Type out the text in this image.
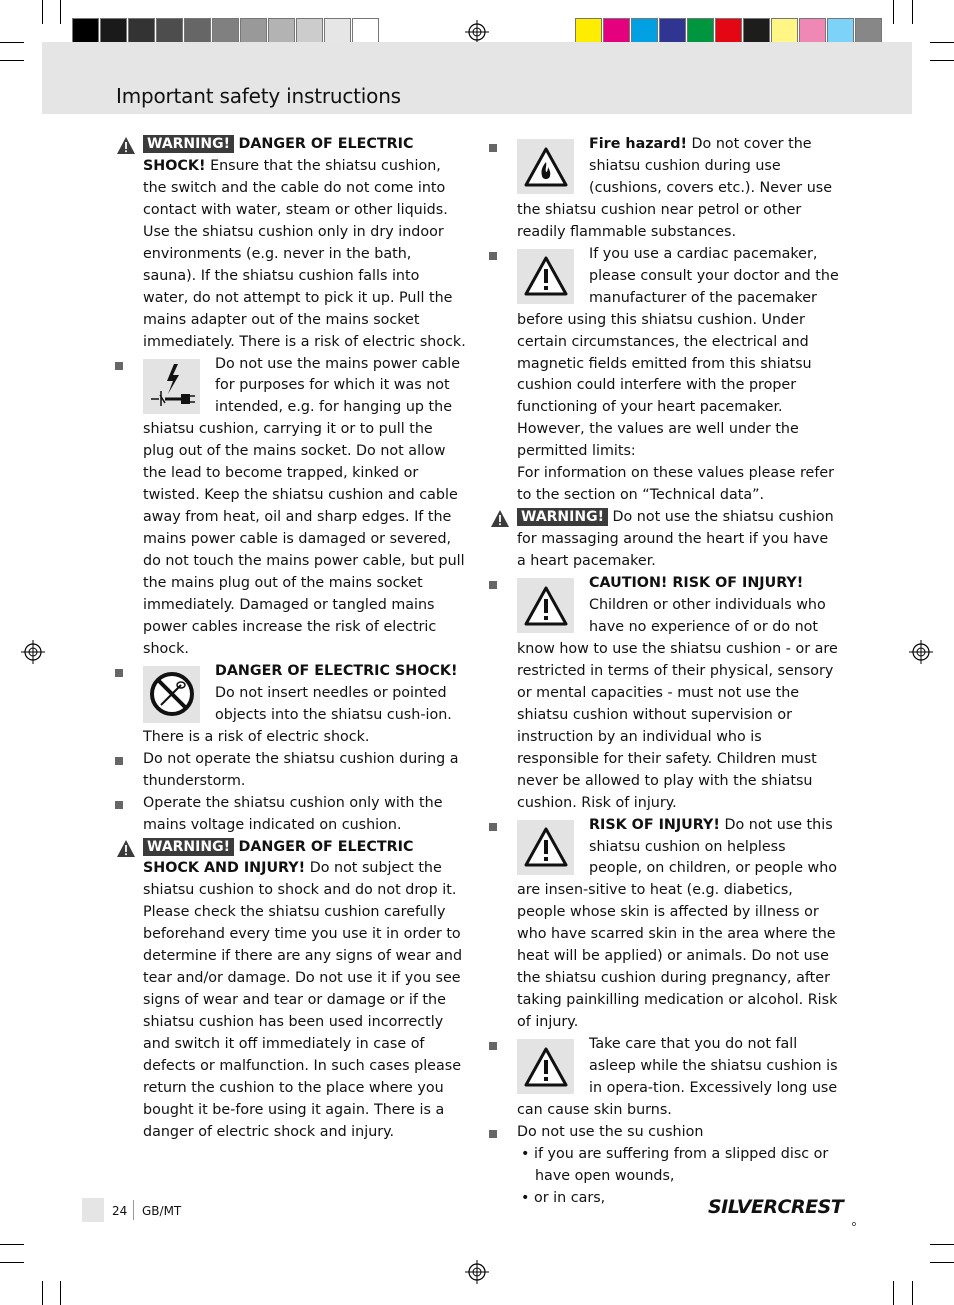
Important safety instructions

WARNING! DANGER OF ELECTRIC SHOCK! Ensure that the shiatsu cushion, the switch and the cable do not come into contact with water, steam or other liquids. Use the shiatsu cushion only in dry indoor environments (e.g. never in the bath, sauna). If the shiatsu cushion falls into water, do not attempt to pick it up. Pull the mains adapter out of the mains socket immediately. There is a risk of electric shock.

Do not use the mains power cable for purposes for which it was not intended, e.g. for hanging up the shiatsu cushion, carrying it or to pull the plug out of the mains socket. Do not allow the lead to become trapped, kinked or twisted. Keep the shiatsu cushion and cable away from heat, oil and sharp edges. If the mains power cable is damaged or severed, do not touch the mains power cable, but pull the mains plug out of the mains socket immediately. Damaged or tangled mains power cables increase the risk of electric shock.

DANGER OF ELECTRIC SHOCK! Do not insert needles or pointed objects into the shiatsu cush-ion. There is a risk of electric shock.

Do not operate the shiatsu cushion during a thunderstorm.

Operate the shiatsu cushion only with the mains voltage indicated on cushion.

WARNING! DANGER OF ELECTRIC SHOCK AND INJURY! Do not subject the shiatsu cushion to shock and do not drop it. Please check the shiatsu cushion carefully beforehand every time you use it in order to determine if there are any signs of wear and tear and/or damage. Do not use it if you see signs of wear and tear or damage or if the shiatsu cushion has been used incorrectly and switch it off immediately in case of defects or malfunction. In such cases please return the cushion to the place where you bought it be-fore using it again. There is a danger of electric shock and injury.

Fire hazard! Do not cover the shiatsu cushion during use (cushions, covers etc.). Never use the shiatsu cushion near petrol or other readily flammable substances.

If you use a cardiac pacemaker, please consult your doctor and the manufacturer of the pacemaker before using this shiatsu cushion. Under certain circumstances, the electrical and magnetic fields emitted from this shiatsu cushion could interfere with the proper functioning of your heart pacemaker. However, the values are well under the permitted limits:

For information on these values please refer to the section on “Technical data”.

WARNING! Do not use the shiatsu cushion for massaging around the heart if you have a heart pacemaker.

CAUTION! RISK OF INJURY! Children or other individuals who have no experience of or do not know how to use the shiatsu cushion - or are restricted in terms of their physical, sensory or mental capacities - must not use the shiatsu cushion without supervision or instruction by an individual who is responsible for their safety. Children must never be allowed to play with the shiatsu cushion. Risk of injury.

RISK OF INJURY! Do not use this shiatsu cushion on helpless people, on children, or people who are insen-sitive to heat (e.g. diabetics, people whose skin is affected by illness or who have scarred skin in the area where the heat will be applied) or animals. Do not use the shiatsu cushion during pregnancy, after taking painkilling medication or alcohol. Risk of injury.

Take care that you do not fall asleep while the shiatsu cushion is in opera-tion. Excessively long use can cause skin burns.

Do not use the su cushion

• if you are suffering from a slipped disc or have open wounds,

• or in cars,

24 GB/MT	SILVERCREST
